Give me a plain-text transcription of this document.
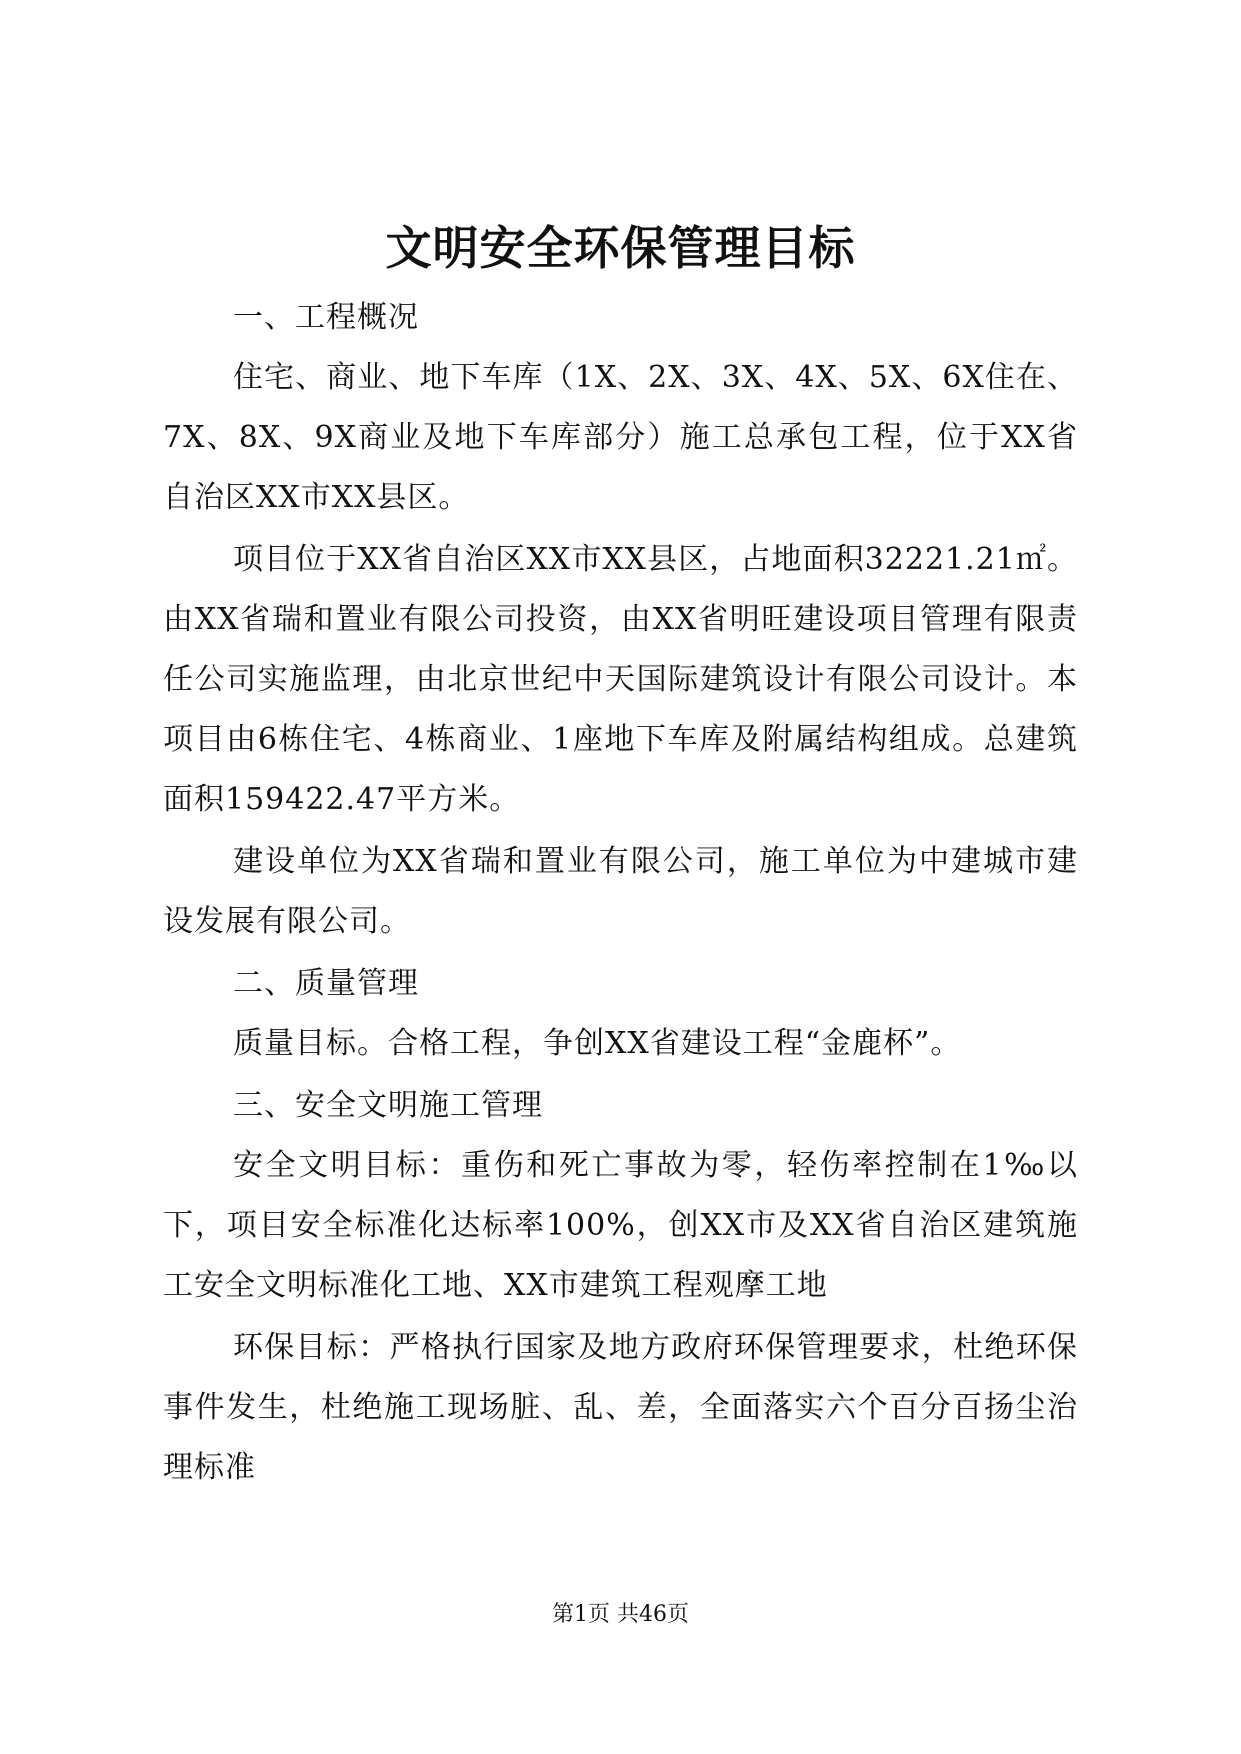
文明安全环保管理目标

一、工程概况

住宅、商业、地下车库（1X、2X、3X、4X、5X、6X住在、7X、8X、9X商业及地下车库部分）施工总承包工程，位于XX省自治区XX市XX县区。

项目位于XX省自治区XX市XX县区，占地面积32221.21㎡。由XX省瑞和置业有限公司投资，由XX省明旺建设项目管理有限责任公司实施监理，由北京世纪中天国际建筑设计有限公司设计。本项目由6栋住宅、4栋商业、1座地下车库及附属结构组成。总建筑面积159422.47平方米。

建设单位为XX省瑞和置业有限公司，施工单位为中建城市建设发展有限公司。

二、质量管理

质量目标。合格工程，争创XX省建设工程“金鹿杯”。

三、安全文明施工管理

安全文明目标：重伤和死亡事故为零，轻伤率控制在1‰以下，项目安全标准化达标率100%，创XX市及XX省自治区建筑施工安全文明标准化工地、XX市建筑工程观摩工地

环保目标：严格执行国家及地方政府环保管理要求，杜绝环保事件发生，杜绝施工现场脏、乱、差，全面落实六个百分百扬尘治理标准

第1页 共46页
